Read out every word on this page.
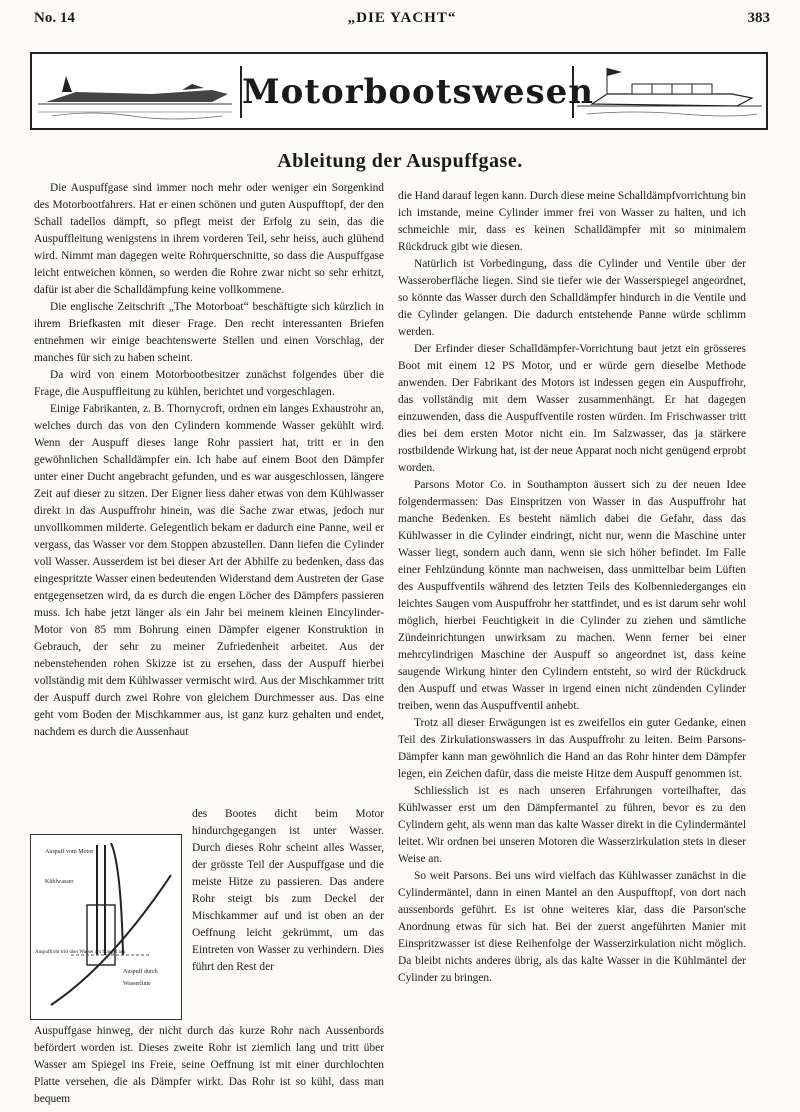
No. 14	„DIE YACHT“	383
Motorbootswesen
Ableitung der Auspuffgase.

Die Auspuffgase sind immer noch mehr oder weniger ein Sorgenkind des Motorbootfahrers. Hat er einen schönen und guten Auspufftopf, der den Schall tadellos dämpft, so pflegt meist der Erfolg zu sein, das die Auspuffleitung wenigstens in ihrem vorderen Teil, sehr heiss, auch glühend wird. Nimmt man dagegen weite Rohrquerschnitte, so dass die Auspuffgase leicht entweichen können, so werden die Rohre zwar nicht so sehr erhitzt, dafür ist aber die Schalldämpfung keine vollkommene.

Die englische Zeitschrift „The Motorboat“ beschäftigte sich kürzlich in ihrem Briefkasten mit dieser Frage. Den recht interessanten Briefen entnehmen wir einige beachtenswerte Stellen und einen Vorschlag, der manches für sich zu haben scheint.

Da wird von einem Motorbootbesitzer zunächst folgendes über die Frage, die Auspuffleitung zu kühlen, berichtet und vorgeschlagen.

Einige Fabrikanten, z. B. Thornycroft, ordnen ein langes Exhaustrohr an, welches durch das von den Cylindern kommende Wasser gekühlt wird. Wenn der Auspuff dieses lange Rohr passiert hat, tritt er in den gewöhnlichen Schalldämpfer ein. Ich habe auf einem Boot den Dämpfer unter einer Ducht angebracht gefunden, und es war ausgeschlossen, längere Zeit auf dieser zu sitzen. Der Eigner liess daher etwas von dem Kühlwasser direkt in das Auspuffrohr hinein, was die Sache zwar etwas, jedoch nur unvollkommen milderte. Gelegentlich bekam er dadurch eine Panne, weil er vergass, das Wasser vor dem Stoppen abzustellen. Dann liefen die Cylinder voll Wasser. Ausserdem ist bei dieser Art der Abhilfe zu bedenken, dass das eingespritzte Wasser einen bedeutenden Widerstand dem Austreten der Gase entgegensetzen wird, da es durch die engen Löcher des Dämpfers passieren muss. Ich habe jetzt länger als ein Jahr bei meinem kleinen Eincylinder-Motor von 85 mm Bohrung einen Dämpfer eigener Konstruktion in Gebrauch, der sehr zu meiner Zufriedenheit arbeitet. Aus der nebenstehenden rohen Skizze ist zu ersehen, dass der Auspuff hierbei vollständig mit dem Kühlwasser vermischt wird. Aus der Mischkammer tritt der Auspuff durch zwei Rohre von gleichem Durchmesser aus. Das eine geht vom Boden der Mischkammer aus, ist ganz kurz gehalten und endet, nachdem es durch die Aussenhaut

Auspuff vom Motor
Kühlwasser
Auspuffrohr tritt über Wasser am Spiegel aus
Auspuff durch
Wasserlinie

des Bootes dicht beim Motor hindurchgegangen ist unter Wasser. Durch dieses Rohr scheint alles Wasser, der grösste Teil der Auspuffgase und die meiste Hitze zu passieren. Das andere Rohr steigt bis zum Deckel der Mischkammer auf und ist oben an der Oeffnung leicht gekrümmt, um das Eintreten von Wasser zu verhindern. Dies führt den Rest der

Auspuffgase hinweg, der nicht durch das kurze Rohr nach Aussenbords befördert worden ist. Dieses zweite Rohr ist ziemlich lang und tritt über Wasser am Spiegel ins Freie, seine Oeffnung ist mit einer durchlochten Platte versehen, die als Dämpfer wirkt. Das Rohr ist so kühl, dass man bequem

die Hand darauf legen kann. Durch diese meine Schalldämpfvorrichtung bin ich imstande, meine Cylinder immer frei von Wasser zu halten, und ich schmeichle mir, dass es keinen Schalldämpfer mit so minimalem Rückdruck gibt wie diesen.

Natürlich ist Vorbedingung, dass die Cylinder und Ventile über der Wasseroberfläche liegen. Sind sie tiefer wie der Wasserspiegel angeordnet, so könnte das Wasser durch den Schalldämpfer hindurch in die Ventile und die Cylinder gelangen. Die dadurch entstehende Panne würde schlimm werden.

Der Erfinder dieser Schalldämpfer-Vorrichtung baut jetzt ein grösseres Boot mit einem 12 PS Motor, und er würde gern dieselbe Methode anwenden. Der Fabrikant des Motors ist indessen gegen ein Auspuffrohr, das vollständig mit dem Wasser zusammenhängt. Er hat dagegen einzuwenden, dass die Auspuffventile rosten würden. Im Frischwasser tritt dies bei dem ersten Motor nicht ein. Im Salzwasser, das ja stärkere rostbildende Wirkung hat, ist der neue Apparat noch nicht genügend erprobt worden.

Parsons Motor Co. in Southampton äussert sich zu der neuen Idee folgendermassen: Das Einspritzen von Wasser in das Auspuffrohr hat manche Bedenken. Es besteht nämlich dabei die Gefahr, dass das Kühlwasser in die Cylinder eindringt, nicht nur, wenn die Maschine unter Wasser liegt, sondern auch dann, wenn sie sich höher befindet. Im Falle einer Fehlzündung könnte man nachweisen, dass unmittelbar beim Lüften des Auspuffventils während des letzten Teils des Kolbenniederganges ein leichtes Saugen vom Auspuffrohr her stattfindet, und es ist darum sehr wohl möglich, hierbei Feuchtigkeit in die Cylinder zu ziehen und sämtliche Zündeinrichtungen unwirksam zu machen. Wenn ferner bei einer mehrcylindrigen Maschine der Auspuff so angeordnet ist, dass keine saugende Wirkung hinter den Cylindern entsteht, so wird der Rückdruck den Auspuff und etwas Wasser in irgend einen nicht zündenden Cylinder treiben, wenn das Auspuffventil anhebt.

Trotz all dieser Erwägungen ist es zweifellos ein guter Gedanke, einen Teil des Zirkulationswassers in das Auspuffrohr zu leiten. Beim Parsons-Dämpfer kann man gewöhnlich die Hand an das Rohr hinter dem Dämpfer legen, ein Zeichen dafür, dass die meiste Hitze dem Auspuff genommen ist.

Schliesslich ist es nach unseren Erfahrungen vorteilhafter, das Kühlwasser erst um den Dämpfermantel zu führen, bevor es zu den Cylindern geht, als wenn man das kalte Wasser direkt in die Cylindermäntel leitet. Wir ordnen bei unseren Motoren die Wasserzirkulation stets in dieser Weise an.

So weit Parsons. Bei uns wird vielfach das Kühlwasser zunächst in die Cylindermäntel, dann in einen Mantel an den Auspufftopf, von dort nach aussenbords geführt. Es ist ohne weiteres klar, dass die Parson'sche Anordnung etwas für sich hat. Bei der zuerst angeführten Manier mit Einspritzwasser ist diese Reihenfolge der Wasserzirkulation nicht möglich. Da bleibt nichts anderes übrig, als das kalte Wasser in die Kühlmäntel der Cylinder zu bringen.
